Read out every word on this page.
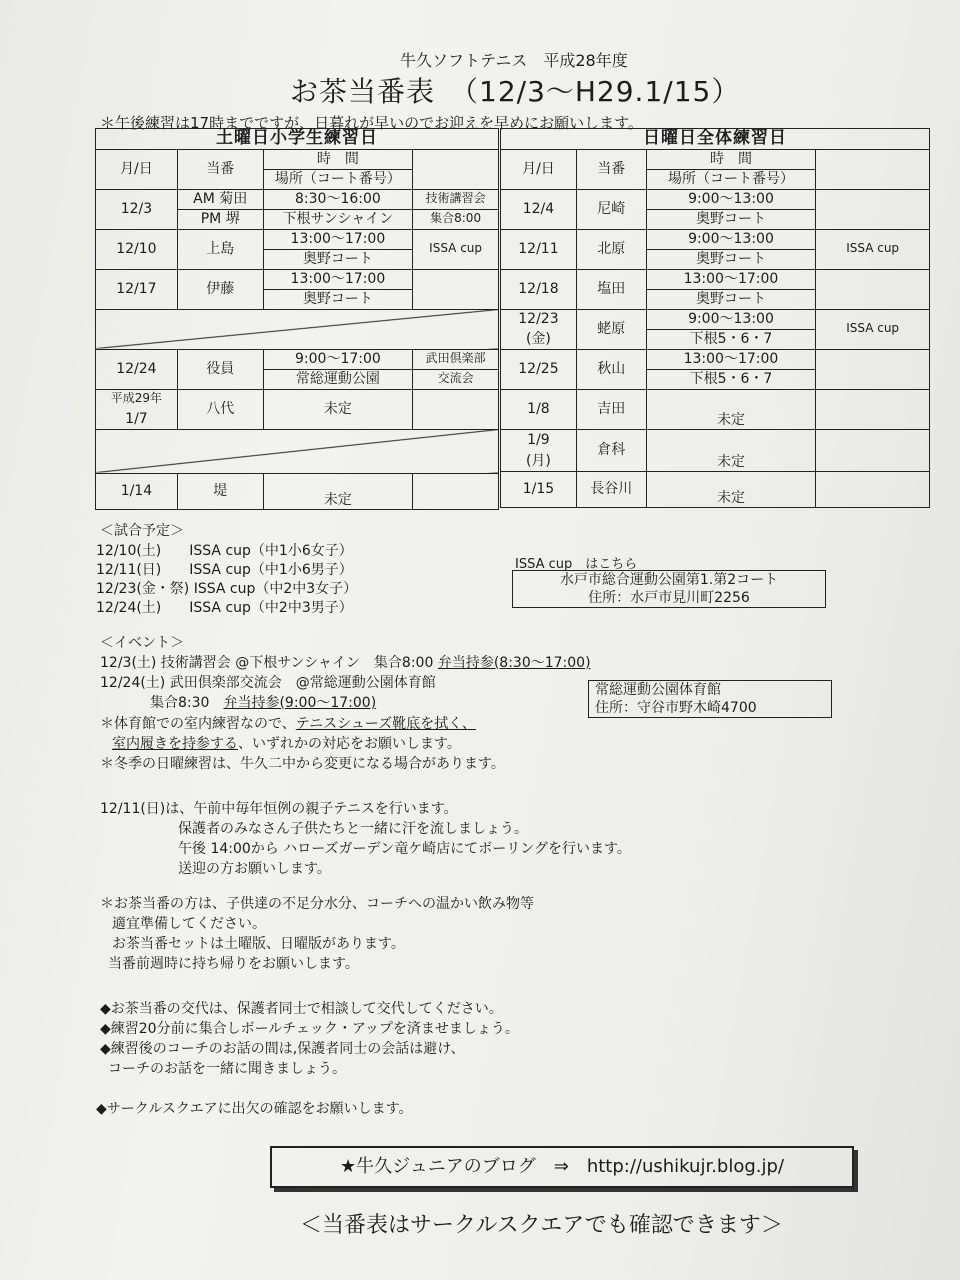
牛久ソフトテニス　平成28年度
お茶当番表　（12/3～H29.1/15）
＊午後練習は17時までですが、日暮れが早いのでお迎えを早めにお願いします。
土曜日小学生練習日			
月/日	当番	時　間	
		場所（コート番号）	
12/3	AM 菊田	8:30～16:00	技術講習会
	PM 堺	下根サンシャイン	集合8:00
12/10	上島	13:00～17:00	ISSA cup
		奥野コート	
12/17	伊藤	13:00～17:00	
		奥野コート	

12/24	役員	9:00～17:00	武田倶楽部
		常総運動公園	交流会
平成29年	八代	未定	
1/7			

1/14	堤	未定	
日曜日全体練習日			
月/日	当番	時　間	
		場所（コート番号）	
12/4	尼崎	9:00～13:00	
		奥野コート	
12/11	北原	9:00～13:00	ISSA cup
		奥野コート	
12/18	塩田	13:00～17:00	
		奥野コート	
12/23	蛯原	9:00～13:00	ISSA cup
(金)		下根5・6・7	
12/25	秋山	13:00～17:00	
		下根5・6・7	
1/8	吉田	未定	
1/9	倉科	未定	
(月)			
1/15	長谷川	未定	
＜試合予定＞
12/10(土)　　ISSA cup（中1小6女子）
12/11(日)　　ISSA cup（中1小6男子）
12/23(金・祭) ISSA cup（中2中3女子）
12/24(土)　　ISSA cup（中2中3男子）
ISSA cup　はこちら
水戸市総合運動公園第1.第2コート
住所：水戸市見川町2256
＜イベント＞
12/3(土) 技術講習会 @下根サンシャイン　集合8:00 弁当持参(8:30～17:00)
12/24(土) 武田倶楽部交流会　@常総運動公園体育館
集合8:30　 弁当持参(9:00～17:00)
＊体育館での室内練習なので、テニスシューズ靴底を拭く、
室内履きを持参する、いずれかの対応をお願いします。
＊冬季の日曜練習は、牛久二中から変更になる場合があります。
常総運動公園体育館
住所：守谷市野木崎4700
12/11(日)は、午前中毎年恒例の親子テニスを行います。
保護者のみなさん子供たちと一緒に汗を流しましょう。
午後 14:00から ハローズガーデン竜ケ崎店にてボーリングを行います。
送迎の方お願いします。
＊お茶当番の方は、子供達の不足分水分、コーチへの温かい飲み物等
適宜準備してください。
お茶当番セットは土曜版、日曜版があります。
当番前週時に持ち帰りをお願いします。
◆お茶当番の交代は、保護者同士で相談して交代してください。
◆練習20分前に集合しボールチェック・アップを済ませましょう。
◆練習後のコーチのお話の間は,保護者同士の会話は避け、
コーチのお話を一緒に聞きましょう。
◆サークルスクエアに出欠の確認をお願いします。
★牛久ジュニアのブログ　⇒　http://ushikujr.blog.jp/
＜当番表はサークルスクエアでも確認できます＞
